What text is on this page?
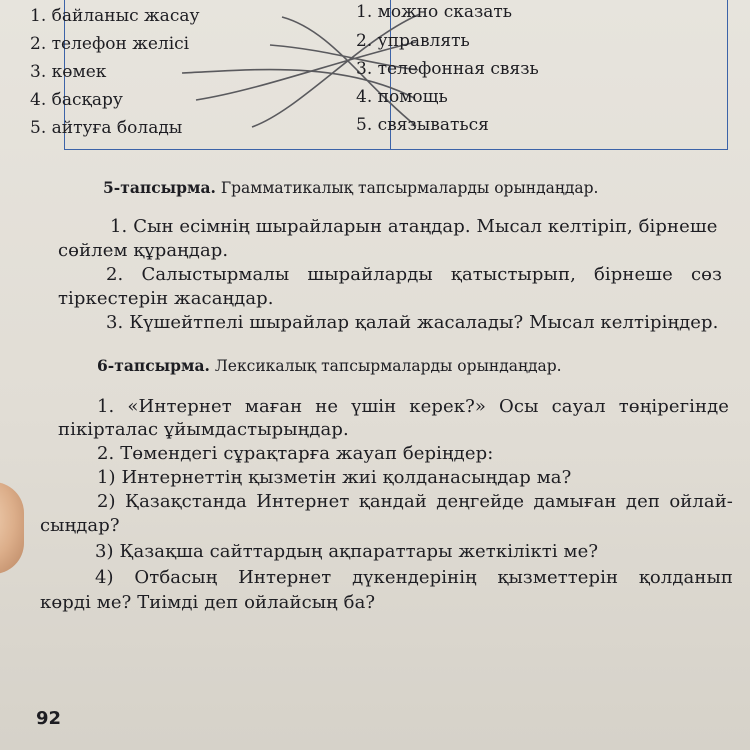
1. байланыс жасау
2. телефон желісі
3. көмек
4. басқару
5. айтуға болады
1. можно сказать
2. управлять
3. телефонная связь
4. помощь
5. связываться
5-тапсырма. Грамматикалық тапсырмаларды орындаңдар.
1. Сын есімнің шырайларын атаңдар. Мысал келтіріп, бірнеше
сөйлем құраңдар.
2. Салыстырмалы шырайларды қатыстырып, бірнеше сөз
тіркестерін жасаңдар.
3. Күшейтпелі шырайлар қалай жасалады? Мысал келтіріңдер.
6-тапсырма. Лексикалық тапсырмаларды орындаңдар.
1. «Интернет маған не үшін керек?» Осы сауал төңірегінде
пікірталас ұйымдастырыңдар.
2. Төмендегі сұрақтарға жауап беріңдер:
1) Интернеттің қызметін жиі қолданасыңдар ма?
2) Қазақстанда Интернет қандай деңгейде дамыған деп ойлай-
сыңдар?
3) Қазақша сайттардың ақпараттары жеткілікті ме?
4) Отбасың Интернет дүкендерінің қызметтерін қолданып
көрді ме? Тиімді деп ойлайсың ба?
92
